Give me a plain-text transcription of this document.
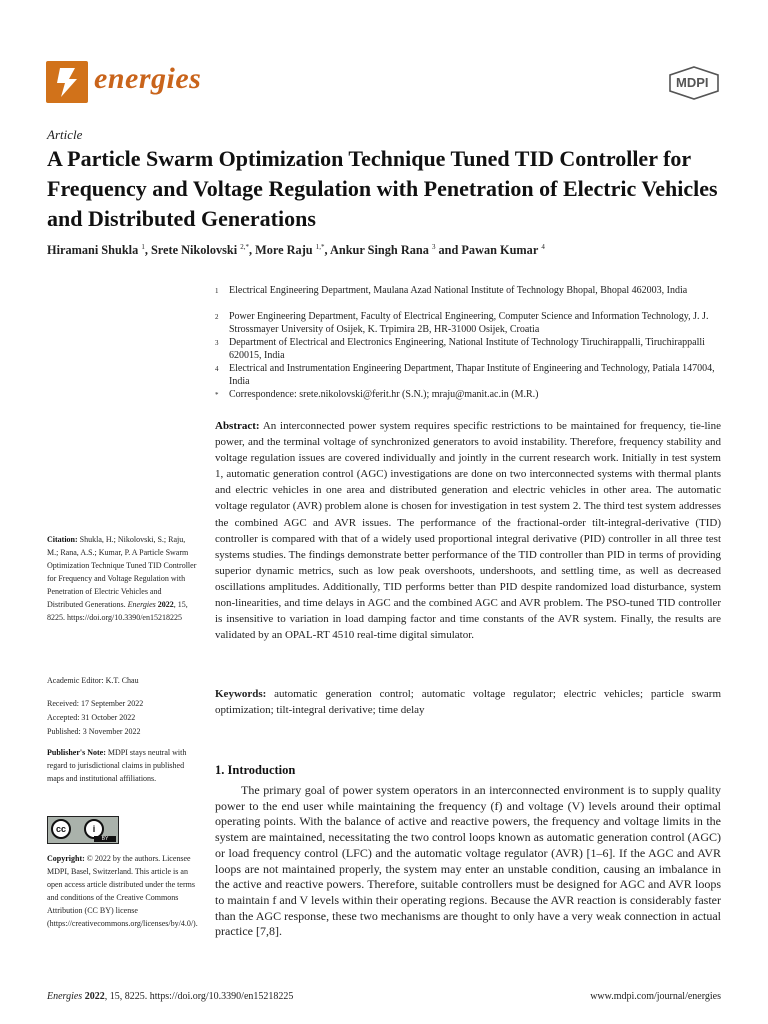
energies	MDPI
Article
A Particle Swarm Optimization Technique Tuned TID Controller for Frequency and Voltage Regulation with Penetration of Electric Vehicles and Distributed Generations
Hiramani Shukla $^1$, Srete Nikolovski $^{2,*}$, More Raju $^{1,*}$, Ankur Singh Rana $^3$ and Pawan Kumar $^4$
1 Electrical Engineering Department, Maulana Azad National Institute of Technology Bhopal, Bhopal 462003, India
2 Power Engineering Department, Faculty of Electrical Engineering, Computer Science and Information Technology, J. J. Strossmayer University of Osijek, K. Trpimira 2B, HR-31000 Osijek, Croatia
3 Department of Electrical and Electronics Engineering, National Institute of Technology Tiruchirappalli, Tiruchirappalli 620015, India
4 Electrical and Instrumentation Engineering Department, Thapar Institute of Engineering and Technology, Patiala 147004, India
* Correspondence: srete.nikolovski@ferit.hr (S.N.); mraju@manit.ac.in (M.R.)
Abstract: An interconnected power system requires specific restrictions to be maintained for frequency, tie-line power, and the terminal voltage of synchronized generators to avoid instability. Therefore, frequency stability and voltage regulation issues are covered individually and jointly in the current research work. Initially in test system 1, automatic generation control (AGC) investigations are done on two interconnected systems with thermal plants and electric vehicles in one area and distributed generation and electric vehicles in other area. The automatic voltage regulator (AVR) problem alone is chosen for investigation in test system 2. The third test system addresses the combined AGC and AVR issues. The performance of the fractional-order tilt-integral-derivative (TID) controller is compared with that of a widely used proportional integral derivative (PID) controller in all three test systems studies. The findings demonstrate better performance of the TID controller than PID in terms of providing superior dynamic metrics, such as low peak overshoots, undershoots, and settling time, as well as decreased oscillations amplitudes. Additionally, TID performs better than PID despite randomized load disturbance, system non-linearities, and time delays in AGC and the combined AGC and AVR problem. The PSO-tuned TID controller is insensitive to variation in load damping factor and time constants of the AVR system. Finally, the results are validated by an OPAL-RT 4510 real-time digital simulator.
Keywords: automatic generation control; automatic voltage regulator; electric vehicles; particle swarm optimization; tilt-integral derivative; time delay
1. Introduction
The primary goal of power system operators in an interconnected environment is to supply quality power to the end user while maintaining the frequency (f) and voltage (V) levels around their optimal operating points. With the balance of active and reactive powers, the frequency and voltage limits in the system are maintained, necessitating the two control loops known as automatic generation control (AGC) or load frequency control (LFC) and the automatic voltage regulator (AVR) [1–6]. If the AGC and AVR loops are not maintained properly, the system may enter an unstable condition, causing an imbalance in the active and reactive powers. Therefore, suitable controllers must be designed for AGC and AVR loops to maintain f and V levels within their operating regions. Because the AVR reaction is considerably faster than the AGC response, these two mechanisms are thought to only have a very weak connection in actual practice [7,8].
Citation: Shukla, H.; Nikolovski, S.; Raju, M.; Rana, A.S.; Kumar, P. A Particle Swarm Optimization Technique Tuned TID Controller for Frequency and Voltage Regulation with Penetration of Electric Vehicles and Distributed Generations. Energies 2022, 15, 8225. https://doi.org/10.3390/en15218225
Academic Editor: K.T. Chau
Received: 17 September 2022
Accepted: 31 October 2022
Published: 3 November 2022
Publisher's Note: MDPI stays neutral with regard to jurisdictional claims in published maps and institutional affiliations.
cc	i
BY
Copyright: © 2022 by the authors. Licensee MDPI, Basel, Switzerland. This article is an open access article distributed under the terms and conditions of the Creative Commons Attribution (CC BY) license (https://creativecommons.org/licenses/by/4.0/).
Energies 2022, 15, 8225. https://doi.org/10.3390/en15218225	www.mdpi.com/journal/energies
